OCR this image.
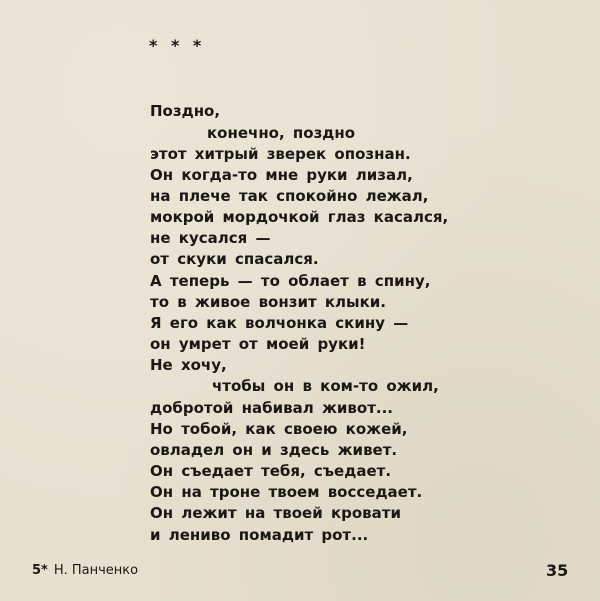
* * *
Поздно,
конечно, поздно
этот хитрый зверек опознан.
Он когда-то мне руки лизал,
на плече так спокойно лежал,
мокрой мордочкой глаз касался,
не кусался —
от скуки спасался.
А теперь — то облает в спину,
то в живое вонзит клыки.
Я его как волчонка скину —
он умрет от моей руки!
Не хочу,
чтобы он в ком-то ожил,
добротой набивал живот...
Но тобой, как своею кожей,
овладел он и здесь живет.
Он съедает тебя, съедает.
Он на троне твоем восседает.
Он лежит на твоей кровати
и лениво помадит рот...
5* Н. Панченко	35
